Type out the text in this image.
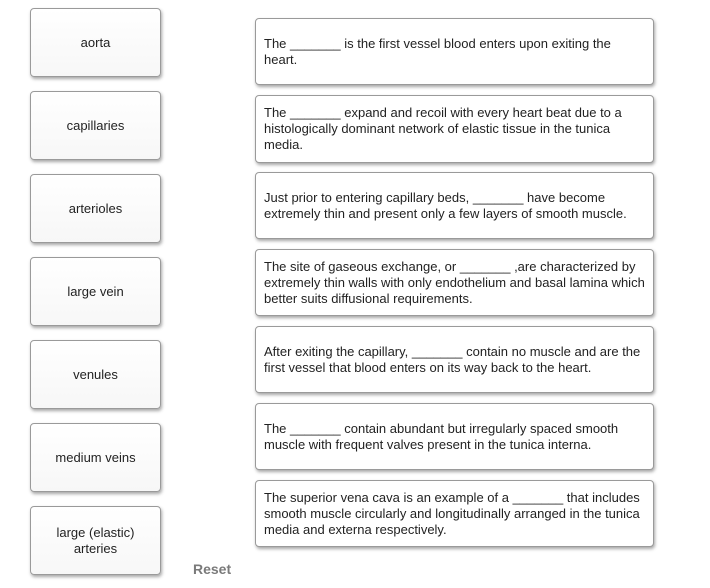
aorta
capillaries
arterioles
large vein
venules
medium veins
large (elastic) arteries
The _______ is the first vessel blood enters upon exiting the heart.
The _______ expand and recoil with every heart beat due to a histologically dominant network of elastic tissue in the tunica media.
Just prior to entering capillary beds, _______ have become extremely thin and present only a few layers of smooth muscle.
The site of gaseous exchange, or _______ ,are characterized by extremely thin walls with only endothelium and basal lamina which better suits diffusional requirements.
After exiting the capillary, _______ contain no muscle and are the first vessel that blood enters on its way back to the heart.
The _______ contain abundant but irregularly spaced smooth muscle with frequent valves present in the tunica interna.
The superior vena cava is an example of a _______ that includes smooth muscle circularly and longitudinally arranged in the tunica media and externa respectively.
Reset
